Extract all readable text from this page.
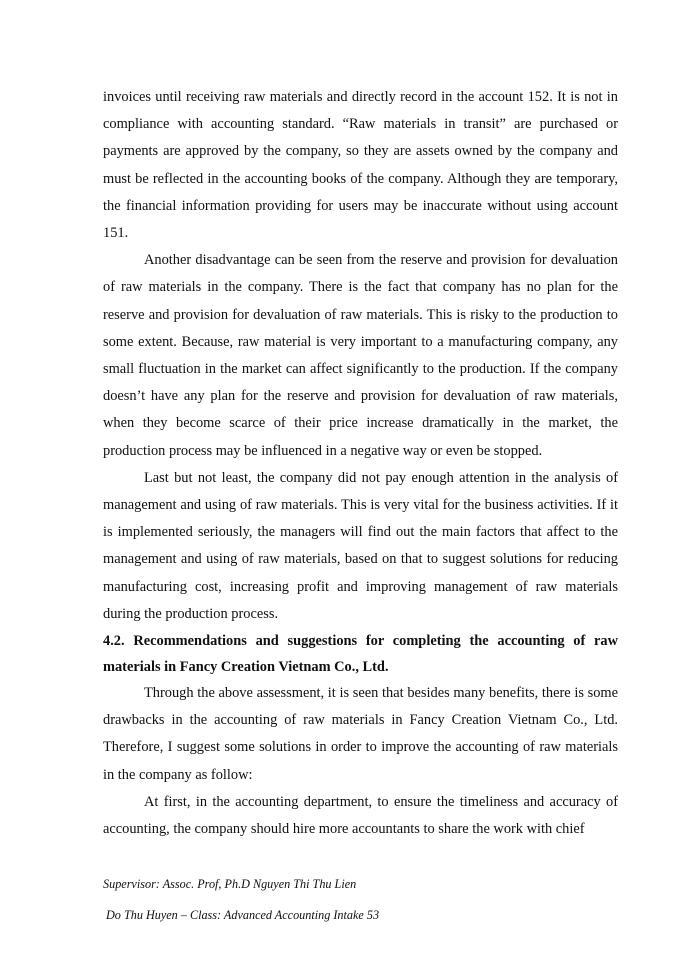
invoices until receiving raw materials and directly record in the account 152. It is not in compliance with accounting standard. “Raw materials in transit” are purchased or payments are approved by the company, so they are assets owned by the company and must be reflected in the accounting books of the company. Although they are temporary, the financial information providing for users may be inaccurate without using account 151.

Another disadvantage can be seen from the reserve and provision for devaluation of raw materials in the company. There is the fact that company has no plan for the reserve and provision for devaluation of raw materials. This is risky to the production to some extent. Because, raw material is very important to a manufacturing company, any small fluctuation in the market can affect significantly to the production. If the company doesn’t have any plan for the reserve and provision for devaluation of raw materials, when they become scarce of their price increase dramatically in the market, the production process may be influenced in a negative way or even be stopped.

Last but not least, the company did not pay enough attention in the analysis of management and using of raw materials. This is very vital for the business activities. If it is implemented seriously, the managers will find out the main factors that affect to the management and using of raw materials, based on that to suggest solutions for reducing manufacturing cost, increasing profit and improving management of raw materials during the production process.

4.2. Recommendations and suggestions for completing the accounting of raw materials in Fancy Creation Vietnam Co., Ltd.

Through the above assessment, it is seen that besides many benefits, there is some drawbacks in the accounting of raw materials in Fancy Creation Vietnam Co., Ltd. Therefore, I suggest some solutions in order to improve the accounting of raw materials in the company as follow:

At first, in the accounting department, to ensure the timeliness and accuracy of accounting, the company should hire more accountants to share the work with chief

Supervisor: Assoc. Prof, Ph.D Nguyen Thi Thu Lien
Do Thu Huyen – Class: Advanced Accounting Intake 53
